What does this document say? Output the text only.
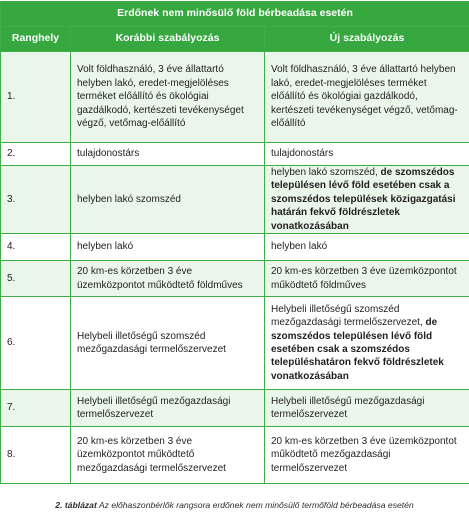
Erdőnek nem minősülő föld bérbeadása esetén		
Ranghely	Korábbi szabályozás	Új szabályozás
1.	Volt földhasználó, 3 éve állattartó helyben lakó, eredet-megjelöléses terméket előállító és ökológiai gazdálkodó, kertészeti tevékenységet végző, vetőmag-előállító	Volt földhasználó, 3 éve állattartó helyben lakó, eredet-megjelöléses terméket előállító és ökológiai gazdálkodó, kertészeti tevékenységet végző, vetőmag-előállító
2.	tulajdonostárs	tulajdonostárs
3.	helyben lakó szomszéd	helyben lakó szomszéd, de szomszédos településen lévő föld esetében csak a szomszédos települések közigazgatási határán fekvő földrészletek vonatkozásában
4.	helyben lakó	helyben lakó
5.	20 km-es körzetben 3 éve üzemközpontot működtető földműves	20 km-es körzetben 3 éve üzemközpontot működtető földműves
6.	Helybeli illetőségű szomszéd mezőgazdasági termelőszervezet	Helybeli illetőségű szomszéd mezőgazdasági termelőszervezet, de szomszédos településen lévő föld esetében csak a szomszédos településhatáron fekvő földrészletek vonatkozásában
7.	Helybeli illetőségű mezőgazdasági termelőszervezet	Helybeli illetőségű mezőgazdasági termelőszervezet
8.	20 km-es körzetben 3 éve üzemközpontot működtető mezőgazdasági termelőszervezet	20 km-es körzetben 3 éve üzemközpontot működtető mezőgazdasági termelőszervezet
2. táblázat Az előhaszonbérlők rangsora erdőnek nem minősülő termőföld bérbeadása esetén
